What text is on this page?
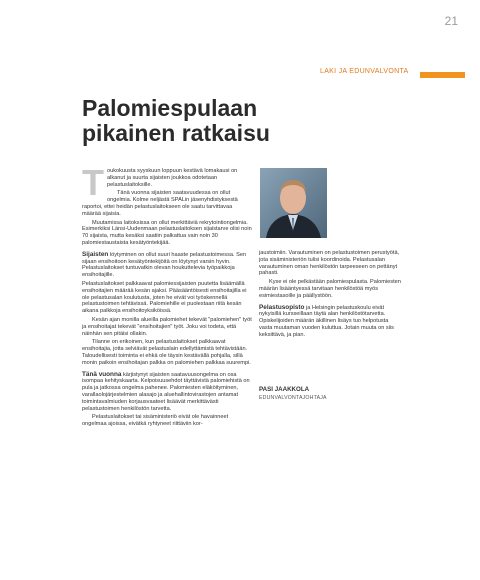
21
LAKI JA EDUNVALVONTA
Palomiespulaan
pikainen ratkaisu

T oukokuusta syyskuun loppuun kestävä lomakausi on alkanut ja suurta sijaisten joukkoa odotetaan pelastuslaitoksille.

Tänä vuonna sijaisten saatavuudessa on ollut ongelmia. Kolme neljästä SPALin jäsenyhdistyksestä raportoi, ettei heidän pelastuslaitokseen ole saatu tarvittavaa määrää sijaisia.

Muutamissa laitoksissa on ollut merkittäviä rekrytointiongelmia. Esimerkiksi Länsi-Uudenmaan pelastuslaitoksen sijaistarve olisi noin 70 sijaista, mutta kesäksi saatiin palkattua vain noin 30 palomiestaustaista kesätyöntekijää.

Sijaisten löytyminen on ollut suuri haaste pelastustoimessa. Sen sijaan ensihoitoon kesätyöntekijöitä on löytynyt varsin hyvin. Pelastuslaitokset tuntuvatkin olevan houkuttelevia työpaikkoja ensihoitajille.

Pelastuslaitokset palkkaavat palomiessijaisten puutetta lisäämällä ensihoitajien määrää kesän ajaksi. Pääsääntöisesti ensihoitajilla ei ole pelastusalan koulutusta, joten he eivät voi työskennellä pelastustoimen tehtävissä. Palomiehille ei puolestaan riitä kesän aikana palkkoja ensihoitoyksiköissä.

Kesän ajan monilla alueilla palomiehet tekevät "palomiehen" työt ja ensihoitajat tekevät "ensihoitajien" työt. Joku voi todeta, että näinhän sen pitäisi ollakin.

Tilanne on erikoinen, kun pelastuslaitokset palkkaavat ensihoitajia, jotta selviävät pelastuslain edellyttämistä tehtävistään. Taloudellisesti toiminta ei ehkä ole täysin kestävällä pohjalla, sillä monin paikoin ensihoitajan palkka on palomiehen palkkaa suurempi.

Tänä vuonna kärjistynyt sijaisten saatavuusongelma on osa isompaa kehityskaarta. Kelpoisuusehdot täyttävistä palomiehistä on pula ja jatkossa ongelma pahenee. Palomiesten eläköityminen, varallaolojärjestelmien alasajo ja aluehallintovirastojen antamat toimintavalmiuden korjausvaateet lisäävät merkittävästi pelastustoimen henkilöstön tarvetta.

Pelastuslaitokset tai sisäministeriö eivät ole havainneet ongelmaa ajoissa, eivätkä ryhtyneet riittäviin kor-

jaustoimiin. Varautuminen on pelastustoimen perustyötä, jota sisäministeriön tulisi koordinoida. Pelastusalan varautuminen oman henkilöstön tarpeeseen on pettänyt pahasti.

Kyse ei ole pelkästään palomiespulasta. Palomiesten määrän lisääntyessä tarvitaan henkilöstöä myös esimiestasoille ja päällystöön.

Pelastusopisto ja Helsingin pelastuskoulu eivät nykyisillä kursseillaan täytä alan henkilöstötarvetta. Opiskelijoiden määrän äkillinen lisäys tuo helpotusta vasta muutaman vuoden kuluttua. Jotain muuta on siis keksittävä, ja pian.

PASI JAAKKOLA
EDUNVALVONTAJOHTAJA
